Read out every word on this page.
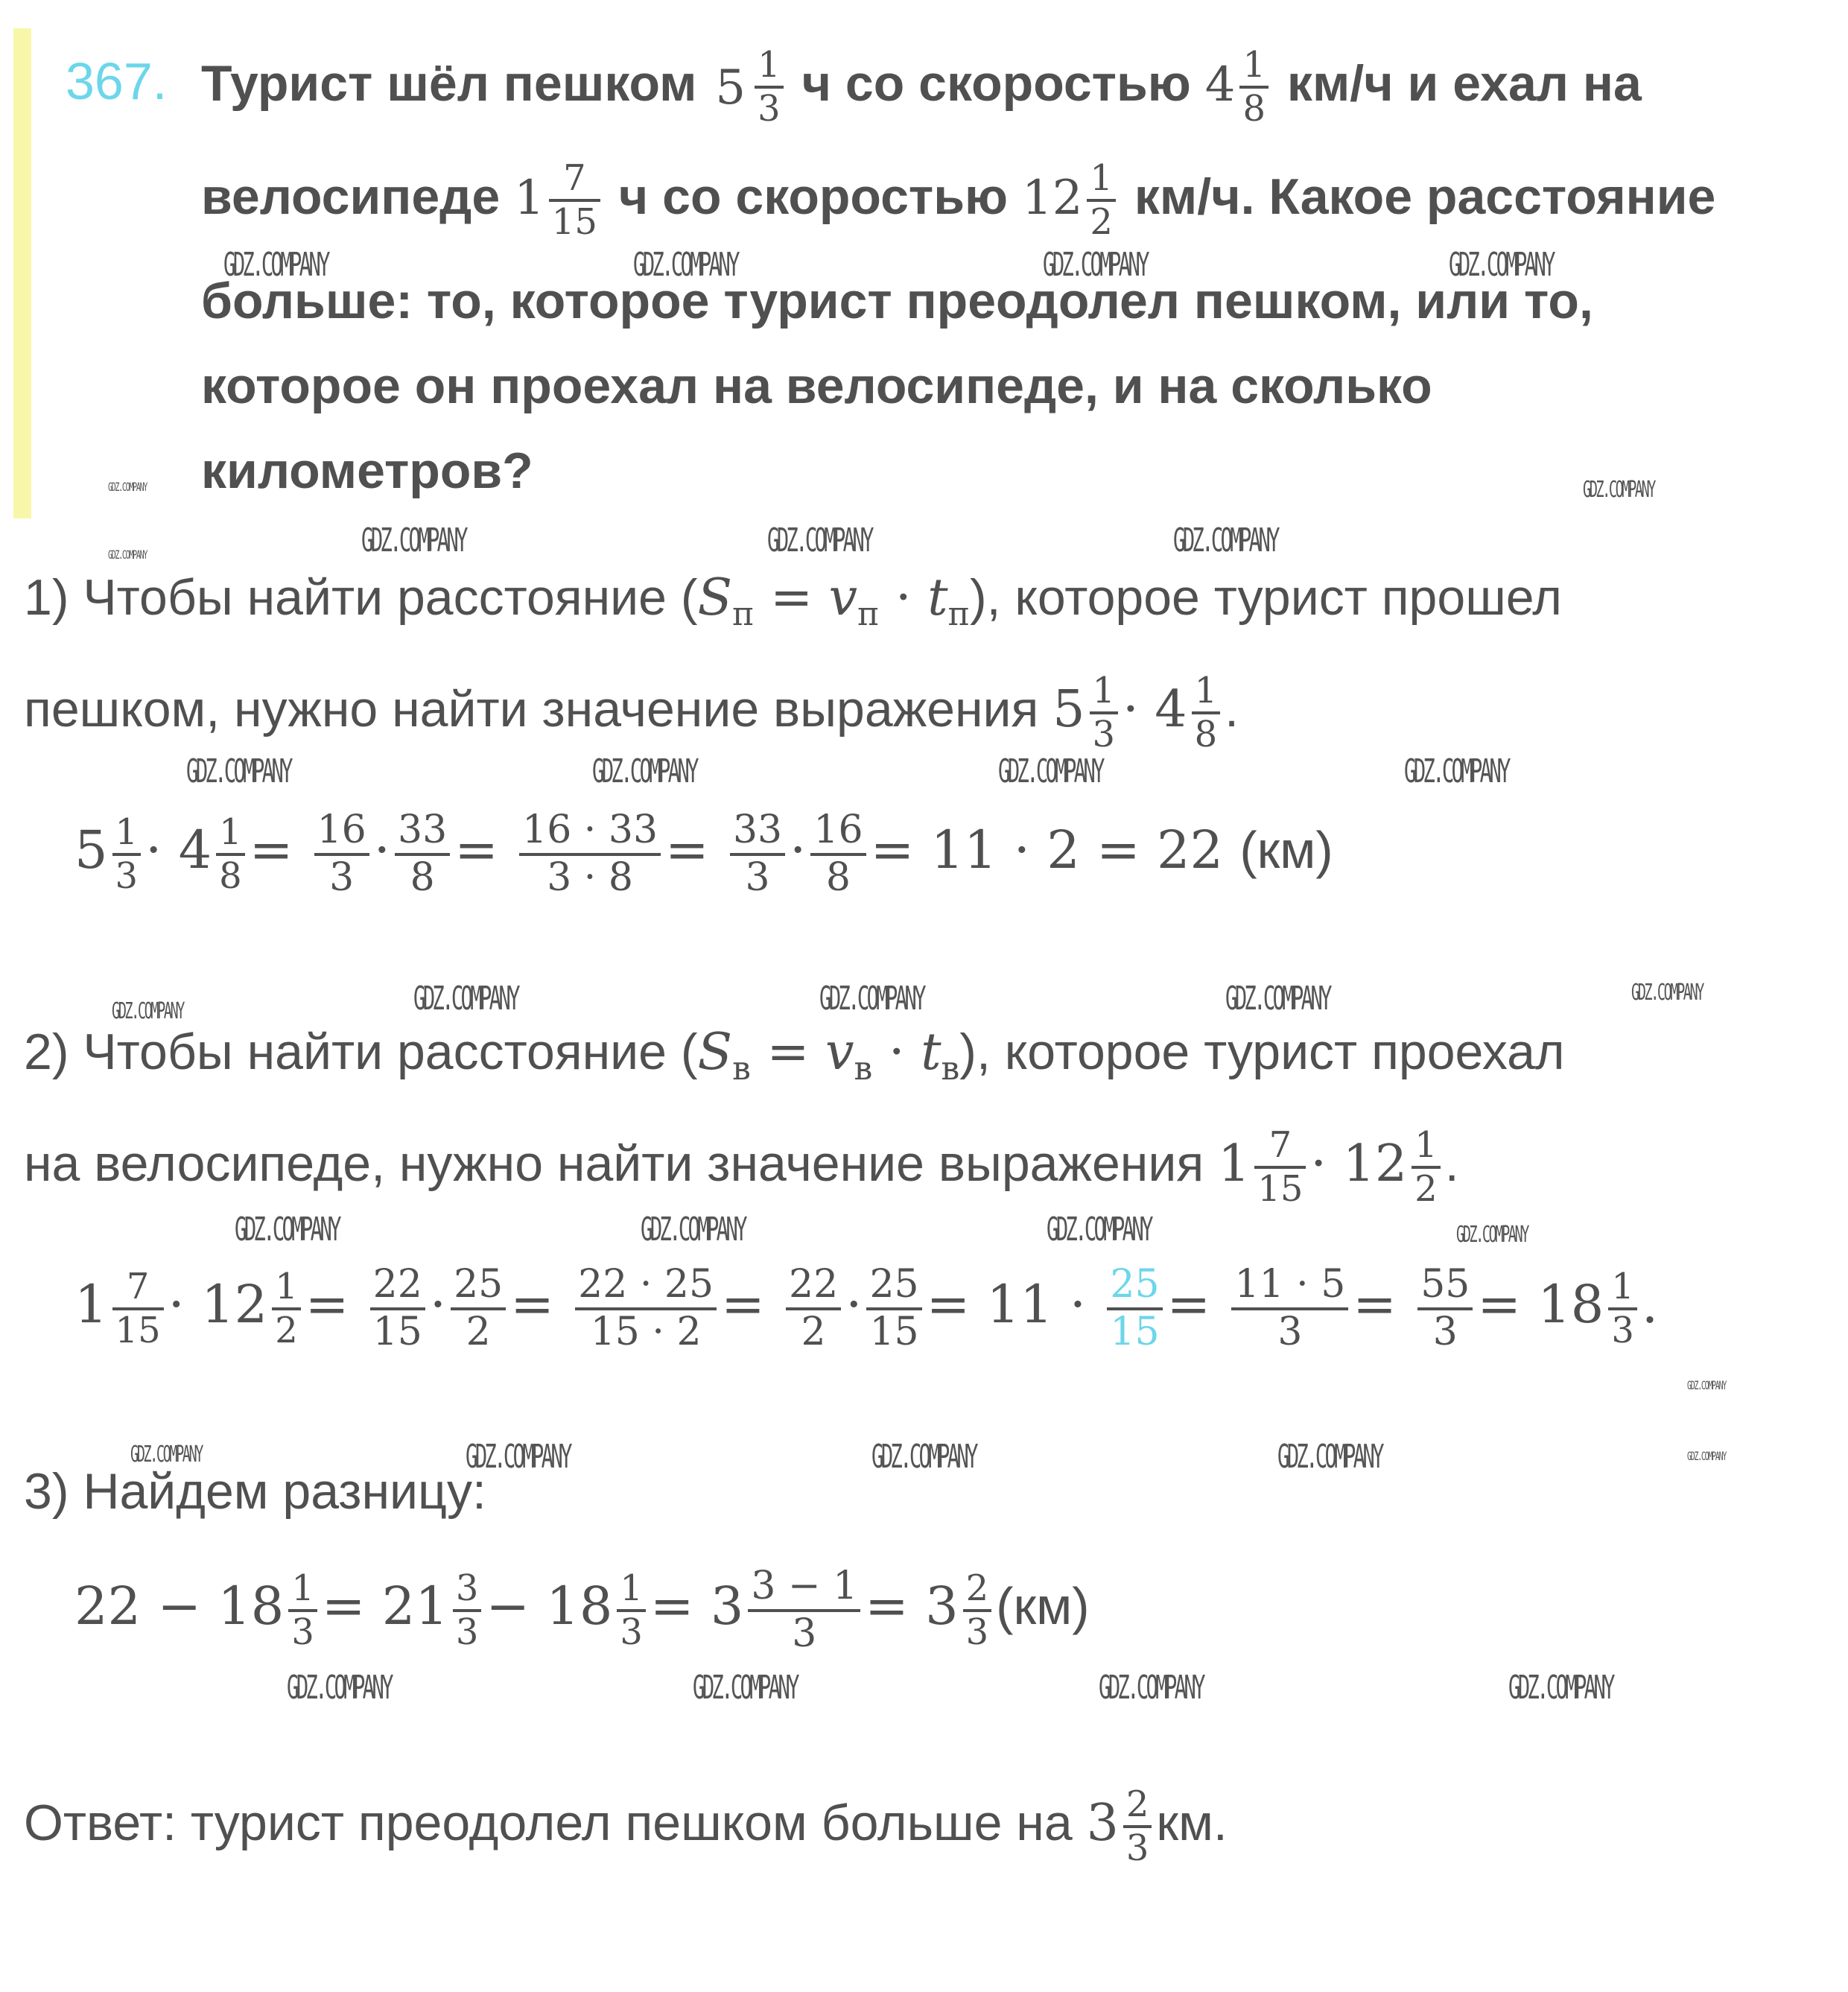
367. Турист шёл пешком $5 \frac{1}{3}$ ч со скоростью $4 \frac{1}{8} км/ч$ и ехал на
велосипеде $1 \frac{7}{15}$ ч со скоростью $12 \frac{1}{2} км/ч$. Какое расстояние
больше: то, которое турист преодолел пешком, или то,
которое он проехал на велосипеде, и на сколько
километров?
1) Чтобы найти расстояние $(S_п = v_п \cdot t_п)$, которое турист прошел
пешком, нужно найти значение выражения $5 \frac{1}{3} \cdot 4 \frac{1}{8}$ .
$5 \frac{1}{3} \cdot 4 \frac{1}{8} = \frac{16}{3} \cdot \frac{33}{8} = \frac{16 \cdot 33}{3 \cdot 8} = \frac{33}{3} \cdot \frac{16}{8} = 11 \cdot 2 = 22$ (км)
2) Чтобы найти расстояние $(S_в = v_в \cdot t_в)$, которое турист проехал
на велосипеде, нужно найти значение выражения $1 \frac{7}{15} \cdot 12 \frac{1}{2}$ .
$1 \frac{7}{15} \cdot 12 \frac{1}{2} = \frac{22}{15} \cdot \frac{25}{2} = \frac{22 \cdot 25}{15 \cdot 2} = \frac{22}{2} \cdot \frac{25}{15} = 11 \cdot \frac{25}{15} = \frac{11 \cdot 5}{3} = \frac{55}{3} = 18 \frac{1}{3}$ .
3) Найдем разницу:
$22 - 18 \frac{1}{3} = 21 \frac{3}{3} - 18 \frac{1}{3} = 3 \frac{3 - 1}{3} = 3 \frac{2}{3} (км)$
Ответ: турист преодолел пешком больше на $3 \frac{2}{3}$ км.
GDZ.COMPANY	GDZ.COMPANY	GDZ.COMPANY	GDZ.COMPANY
GDZ.COMPANY	GDZ.COMPANY
GDZ.COMPANY	GDZ.COMPANY	GDZ.COMPANY	GDZ.COMPANY
GDZ.COMPANY	GDZ.COMPANY	GDZ.COMPANY	GDZ.COMPANY
GDZ.COMPANY	GDZ.COMPANY	GDZ.COMPANY	GDZ.COMPANY	GDZ.COMPANY
GDZ.COMPANY	GDZ.COMPANY	GDZ.COMPANY	GDZ.COMPANY
GDZ.COMPANY
GDZ.COMPANY	GDZ.COMPANY	GDZ.COMPANY	GDZ.COMPANY	GDZ.COMPANY
GDZ.COMPANY	GDZ.COMPANY	GDZ.COMPANY	GDZ.COMPANY
